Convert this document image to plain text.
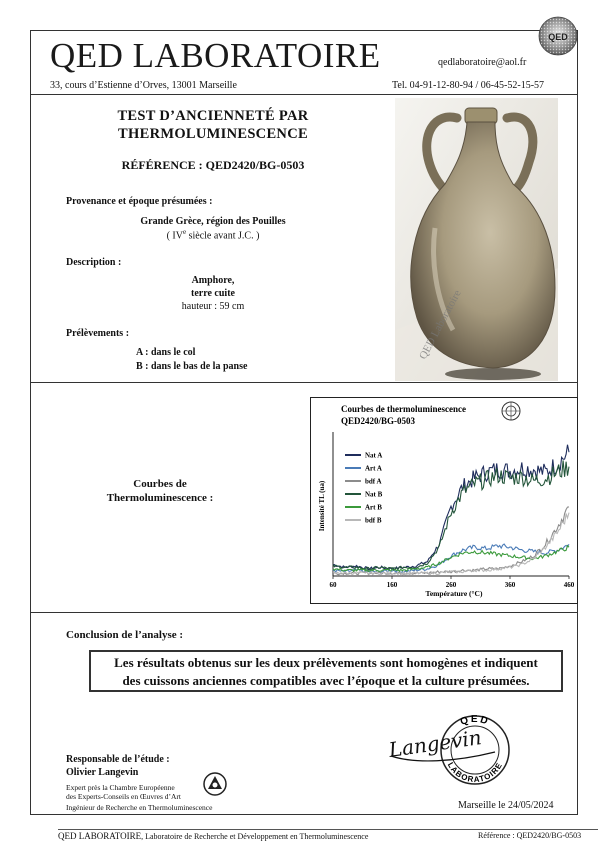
QED LABORATOIRE
33, cours d’Estienne d’Orves, 13001 Marseille
qedlaboratoire@aol.fr
Tel. 04-91-12-80-94 / 06-45-52-15-57
QED
TEST D’ANCIENNETÉ PAR
THERMOLUMINESCENCE
RÉFÉRENCE : QED2420/BG-0503
Provenance et époque présumées :
Grande Grèce, région des Pouilles
( IVe siècle avant J.C. )
Description :
Amphore,
terre cuite
hauteur : 59 cm
Prélèvements :
A : dans le col
B : dans le bas de la panse
QED Laboratoire
Courbes de
Thermoluminescence :
Courbes de thermoluminescence
QED2420/BG-0503
Intensité TL (ua)
Température (°C)
60	160	260	360	460
Nat A
Art A
bdf A
Nat B
Art B
bdf B
Conclusion de l’analyse :
Les résultats obtenus sur les deux prélèvements sont homogènes et indiquent
des cuissons anciennes compatibles avec l’époque et la culture présumées.
Responsable de l’étude :
Olivier Langevin
Expert près la Chambre Européenne
des Experts-Conseils en Œuvres d’Art
Ingénieur de Recherche en Thermoluminescence
QED
LABORATOIRE
Langevin
Marseille le 24/05/2024
QED LABORATOIRE, Laboratoire de Recherche et Développement en Thermoluminescence	Référence : QED2420/BG-0503
